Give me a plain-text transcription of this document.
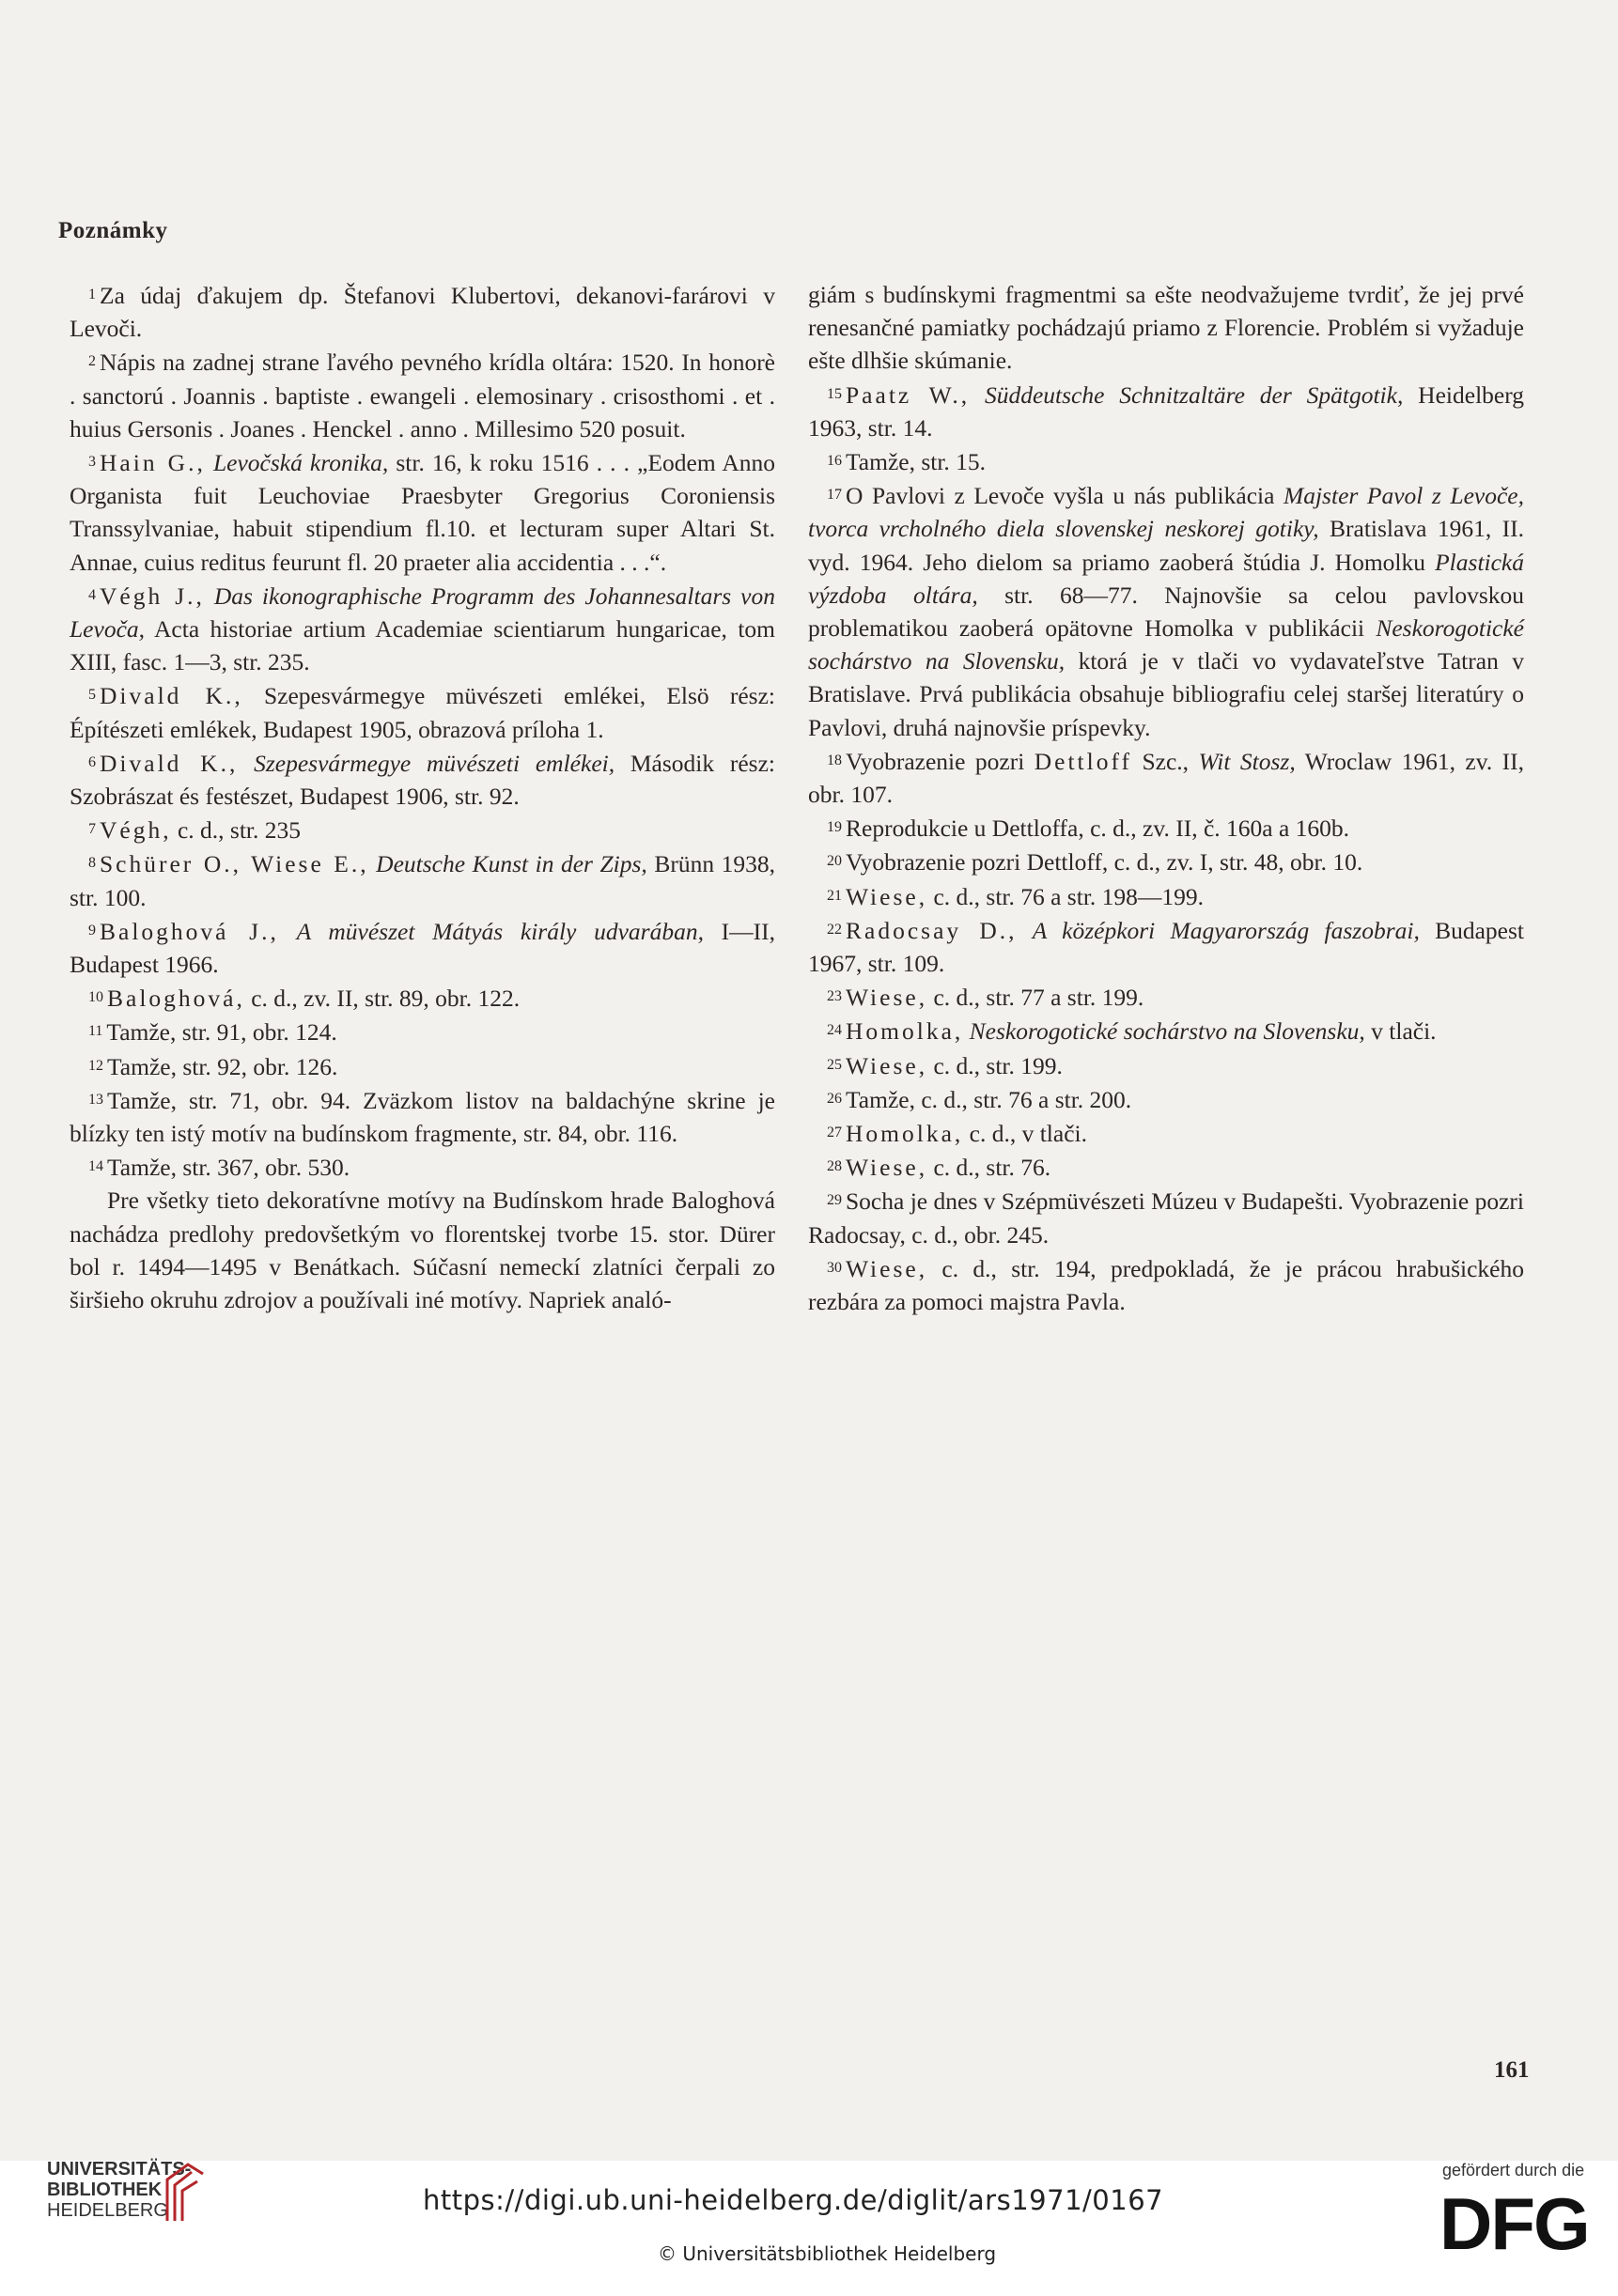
Poznámky

$^1$ Za údaj ďakujem dp. Štefanovi Klubertovi, dekanovi-farárovi v Levoči.

$^2$ Nápis na zadnej strane ľavého pevného krídla oltára: 1520. In honorè . sanctorú . Joannis . baptiste . ewangeli . elemosinary . crisosthomi . et . huius Gersonis . Joanes . Henckel . anno . Millesimo 520 posuit.

$^3$ Hain G., Levočská kronika, str. 16, k roku 1516 . . . „Eodem Anno Organista fuit Leuchoviae Praesbyter Gregorius Coroniensis Transsylvaniae, habuit stipendium fl.10. et lecturam super Altari St. Annae, cuius reditus feurunt fl. 20 praeter alia accidentia . . .“.

$^4$ Végh J., Das ikonographische Programm des Johannesaltars von Levoča, Acta historiae artium Academiae scientiarum hungaricae, tom XIII, fasc. 1—3, str. 235.

$^5$ Divald K., Szepesvármegye müvészeti emlékei, Elsö rész: Építészeti emlékek, Budapest 1905, obrazová príloha 1.

$^6$ Divald K., Szepesvármegye müvészeti emlékei, Második rész: Szobrászat és festészet, Budapest 1906, str. 92.

$^7$ Végh, c. d., str. 235

$^8$ Schürer O., Wiese E., Deutsche Kunst in der Zips, Brünn 1938, str. 100.

$^9$ Baloghová J., A müvészet Mátyás király udvarában, I—II, Budapest 1966.

$^{10}$ Baloghová, c. d., zv. II, str. 89, obr. 122.

$^{11}$ Tamže, str. 91, obr. 124.

$^{12}$ Tamže, str. 92, obr. 126.

$^{13}$ Tamže, str. 71, obr. 94. Zväzkom listov na baldachýne skrine je blízky ten istý motív na budínskom fragmente, str. 84, obr. 116.

$^{14}$ Tamže, str. 367, obr. 530.

Pre všetky tieto dekoratívne motívy na Budínskom hrade Baloghová nachádza predlohy predovšetkým vo florentskej tvorbe 15. stor. Dürer bol r. 1494—1495 v Benátkach. Súčasní nemeckí zlatníci čerpali zo širšieho okruhu zdrojov a používali iné motívy. Napriek analó-

giám s budínskymi fragmentmi sa ešte neodvažujeme tvrdiť, že jej prvé renesančné pamiatky pochádzajú priamo z Florencie. Problém si vyžaduje ešte dlhšie skúmanie.

$^{15}$ Paatz W., Süddeutsche Schnitzaltäre der Spätgotik, Heidelberg 1963, str. 14.

$^{16}$ Tamže, str. 15.

$^{17}$ O Pavlovi z Levoče vyšla u nás publikácia Majster Pavol z Levoče, tvorca vrcholného diela slovenskej neskorej gotiky, Bratislava 1961, II. vyd. 1964. Jeho dielom sa priamo zaoberá štúdia J. Homolku Plastická výzdoba oltára, str. 68—77. Najnovšie sa celou pavlovskou problematikou zaoberá opätovne Homolka v publikácii Neskorogotické sochárstvo na Slovensku, ktorá je v tlači vo vydavateľstve Tatran v Bratislave. Prvá publikácia obsahuje bibliografiu celej staršej literatúry o Pavlovi, druhá najnovšie príspevky.

$^{18}$ Vyobrazenie pozri Dettloff Szc., Wit Stosz, Wroclaw 1961, zv. II, obr. 107.

$^{19}$ Reprodukcie u Dettloffa, c. d., zv. II, č. 160a a 160b.

$^{20}$ Vyobrazenie pozri Dettloff, c. d., zv. I, str. 48, obr. 10.

$^{21}$ Wiese, c. d., str. 76 a str. 198—199.

$^{22}$ Radocsay D., A középkori Magyarország faszobrai, Budapest 1967, str. 109.

$^{23}$ Wiese, c. d., str. 77 a str. 199.

$^{24}$ Homolka, Neskorogotické sochárstvo na Slovensku, v tlači.

$^{25}$ Wiese, c. d., str. 199.

$^{26}$ Tamže, c. d., str. 76 a str. 200.

$^{27}$ Homolka, c. d., v tlači.

$^{28}$ Wiese, c. d., str. 76.

$^{29}$ Socha je dnes v Szépmüvészeti Múzeu v Budapešti. Vyobrazenie pozri Radocsay, c. d., obr. 245.

$^{30}$ Wiese, c. d., str. 194, predpokladá, že je prácou hrabušického rezbára za pomoci majstra Pavla.

161
UNIVERSITÄTS-
BIBLIOTHEK
HEIDELBERG	https://digi.ub.uni-heidelberg.de/diglit/ars1971/0167
© Universitätsbibliothek Heidelberg
gefördert durch die
DFG
